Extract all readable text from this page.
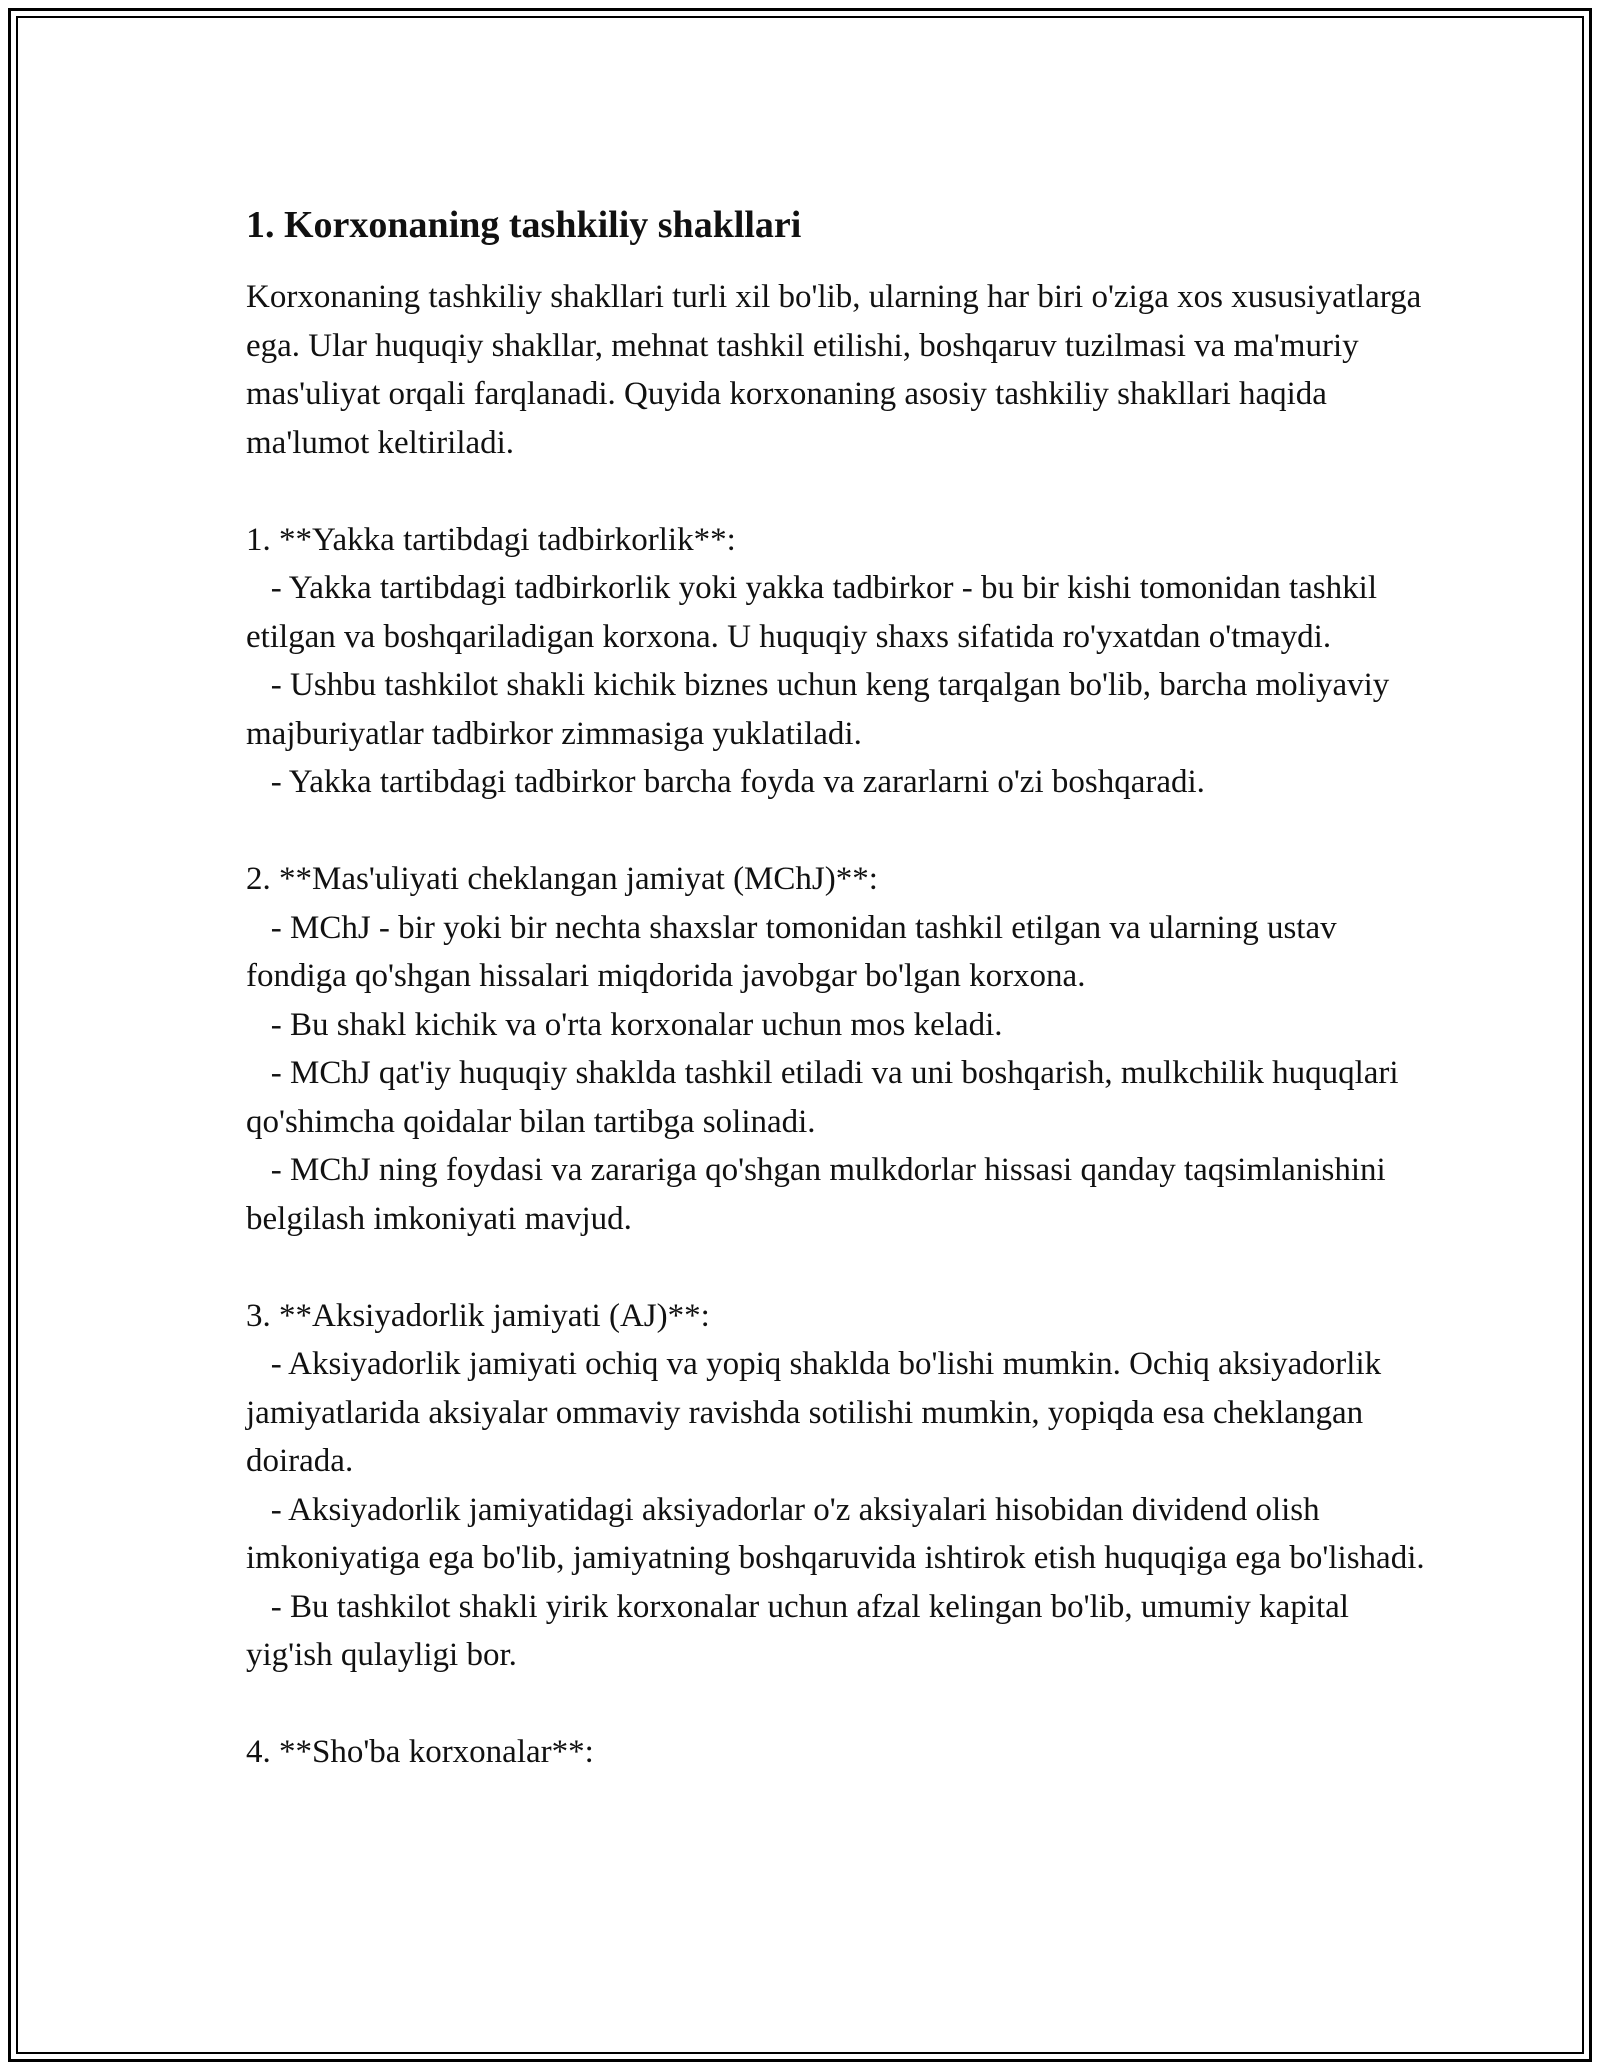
1. Korxonaning tashkiliy shakllari

Korxonaning tashkiliy shakllari turli xil bo'lib, ularning har biri o'ziga xos xususiyatlarga ega. Ular huquqiy shakllar, mehnat tashkil etilishi, boshqaruv tuzilmasi va ma'muriy mas'uliyat orqali farqlanadi. Quyida korxonaning asosiy tashkiliy shakllari haqida ma'lumot keltiriladi.

1. **Yakka tartibdagi tadbirkorlik**:

- Yakka tartibdagi tadbirkorlik yoki yakka tadbirkor - bu bir kishi tomonidan tashkil etilgan va boshqariladigan korxona. U huquqiy shaxs sifatida ro'yxatdan o'tmaydi.

- Ushbu tashkilot shakli kichik biznes uchun keng tarqalgan bo'lib, barcha moliyaviy majburiyatlar tadbirkor zimmasiga yuklatiladi.

- Yakka tartibdagi tadbirkor barcha foyda va zararlarni o'zi boshqaradi.

2. **Mas'uliyati cheklangan jamiyat (MChJ)**:

- MChJ - bir yoki bir nechta shaxslar tomonidan tashkil etilgan va ularning ustav fondiga qo'shgan hissalari miqdorida javobgar bo'lgan korxona.

- Bu shakl kichik va o'rta korxonalar uchun mos keladi.

- MChJ qat'iy huquqiy shaklda tashkil etiladi va uni boshqarish, mulkchilik huquqlari qo'shimcha qoidalar bilan tartibga solinadi.

- MChJ ning foydasi va zarariga qo'shgan mulkdorlar hissasi qanday taqsimlanishini belgilash imkoniyati mavjud.

3. **Aksiyadorlik jamiyati (AJ)**:

- Aksiyadorlik jamiyati ochiq va yopiq shaklda bo'lishi mumkin. Ochiq aksiyadorlik jamiyatlarida aksiyalar ommaviy ravishda sotilishi mumkin, yopiqda esa cheklangan doirada.

- Aksiyadorlik jamiyatidagi aksiyadorlar o'z aksiyalari hisobidan dividend olish imkoniyatiga ega bo'lib, jamiyatning boshqaruvida ishtirok etish huquqiga ega bo'lishadi.

- Bu tashkilot shakli yirik korxonalar uchun afzal kelingan bo'lib, umumiy kapital yig'ish qulayligi bor.

4. **Sho'ba korxonalar**:
